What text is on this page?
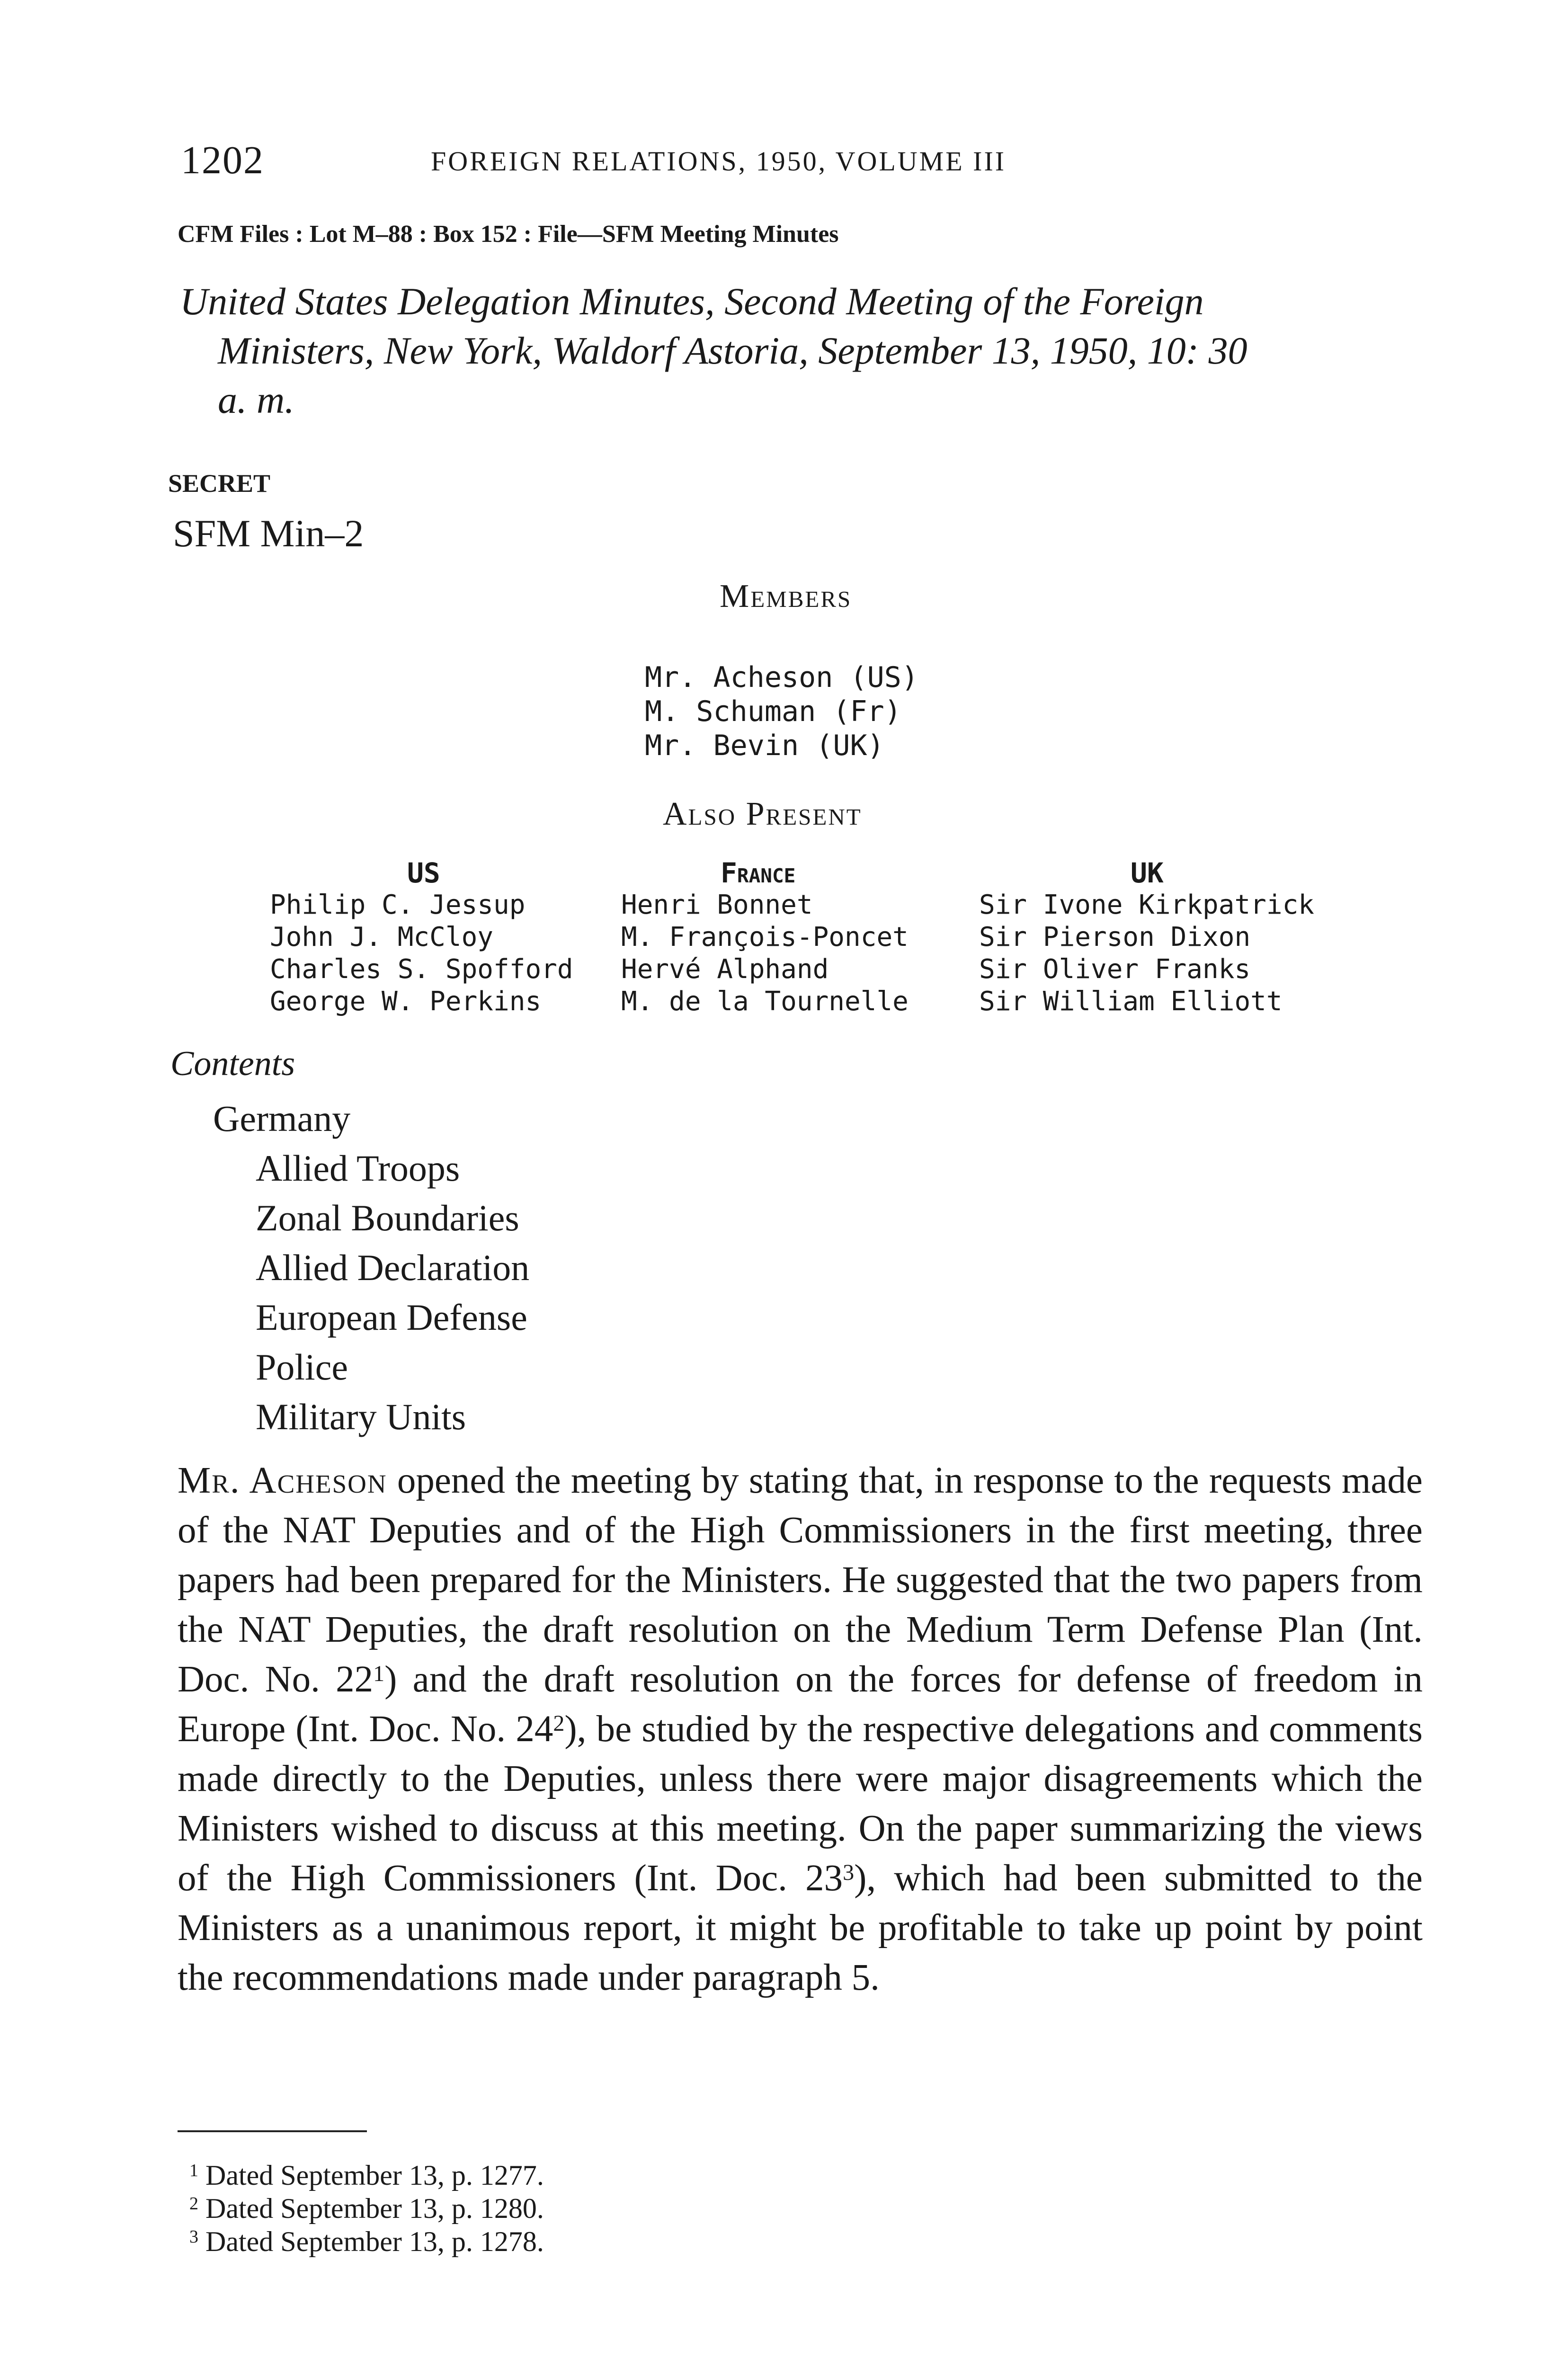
1202	FOREIGN RELATIONS, 1950, VOLUME III
CFM Files : Lot M–88 : Box 152 : File—SFM Meeting Minutes
United States Delegation Minutes, Second Meeting of the Foreign
Ministers, New York, Waldorf Astoria, September 13, 1950, 10: 30
a. m.
SECRET
SFM Min–2
Members
Mr. Acheson (US)
M. Schuman (Fr)
Mr. Bevin (UK)
Also Present
US
Philip C. Jessup
John J. McCloy
Charles S. Spofford
George W. Perkins
France
Henri Bonnet
M. François-Poncet
Hervé Alphand
M. de la Tournelle
UK
Sir Ivone Kirkpatrick
Sir Pierson Dixon
Sir Oliver Franks
Sir William Elliott
Contents
Germany
Allied Troops
Zonal Boundaries
Allied Declaration
European Defense
Police
Military Units
Mr. Acheson opened the meeting by stating that, in response to the requests made of the NAT Deputies and of the High Commissioners in the first meeting, three papers had been prepared for the Ministers. He suggested that the two papers from the NAT Deputies, the draft resolution on the Medium Term Defense Plan (Int. Doc. No. $22^1$) and the draft resolution on the forces for defense of freedom in Europe (Int. Doc. No. $24^2$), be studied by the respective delegations and comments made directly to the Deputies, unless there were major disagreements which the Ministers wished to discuss at this meeting. On the paper summarizing the views of the High Commissioners (Int. Doc. $23^3$), which had been submitted to the Ministers as a unanimous report, it might be profitable to take up point by point the recommendations made under paragraph 5.
$^1$ Dated September 13, p. 1277.
$^2$ Dated September 13, p. 1280.
$^3$ Dated September 13, p. 1278.
